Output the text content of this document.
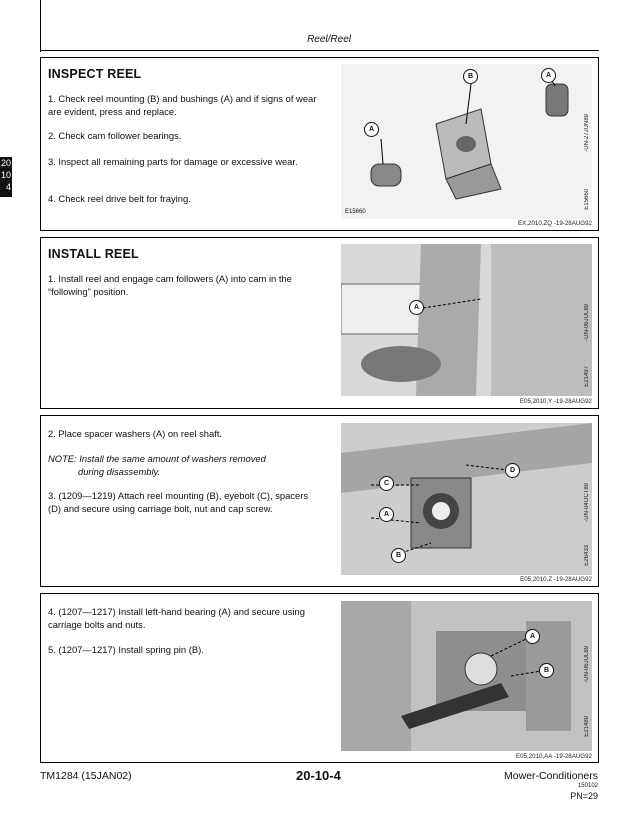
Reel/Reel
20
10
4
INSPECT REEL
1. Check reel mounting (B) and bushings (A) and if signs of wear are evident, press and replace.
2. Check cam follower bearings.
3. Inspect all remaining parts for damage or excessive wear.
4. Check reel drive belt for fraying.
A
B	A
E15660
-UN-27JUN89
E15660
EX,2010,ZQ -19-28AUG92
INSTALL REEL
1. Install reel and engage cam followers (A) into cam in the “following” position.
A	-UN-06JUL89
E21497
E05,2010,Y -19-28AUG92
2. Place spacer washers (A) on reel shaft.
NOTE: Install the same amount of washers removed
during disassembly.
3. (1209—1219) Attach reel mounting (B), eyebolt (C), spacers (D) and secure using carriage bolt, nut and cap screw.
C
A
D
B
-UN-04OCT89
E26433
E05,2010,Z -19-28AUG92
4. (1207—1217) Install left-hand bearing (A) and secure using carriage bolts and nuts.
5. (1207—1217) Install spring pin (B).
A
B	-UN-06JUL89
E21489
E05,2010,AA -19-28AUG92
TM1284 (15JAN02)	20-10-4	Mower-Conditioners
150102
PN=29
